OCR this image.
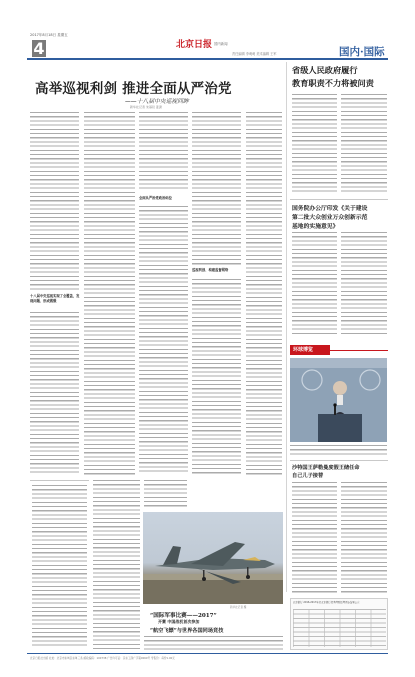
2017年8月18日 星期五
4	北京日报 国内新闻
责任编辑 李萌萌 美术编辑 王军	国内·国际
高举巡视利剑 推进全面从严治党
——十八届中央巡视回眸
新华社记者 朱基钗 姜潇
十八届中央巡视实现了全覆盖，发现问题、形成震慑
全面从严治党政治站位
巡视利剑、构建监督网络
新华社记者 摄
“国际军事比赛——2017”
开赛 中国战机首次参加
“航空飞镖”与世界各国同场竞技
省级人民政府履行
教育职责不力将被问责
国务院办公厅印发《关于建设
第二批大众创业万众创新示范
基地的实施意见》
环球博览
沙特国王萨勒曼度假王储任命
自己儿子接替
北京银行·2016-2017年度北京银行优秀理财经理评选结果公示
北京日报社出版 社址：北京市东城区东单三条 邮政编码：100738 广告许可证：京东工商广字第0069号 零售价：每份1.00元
